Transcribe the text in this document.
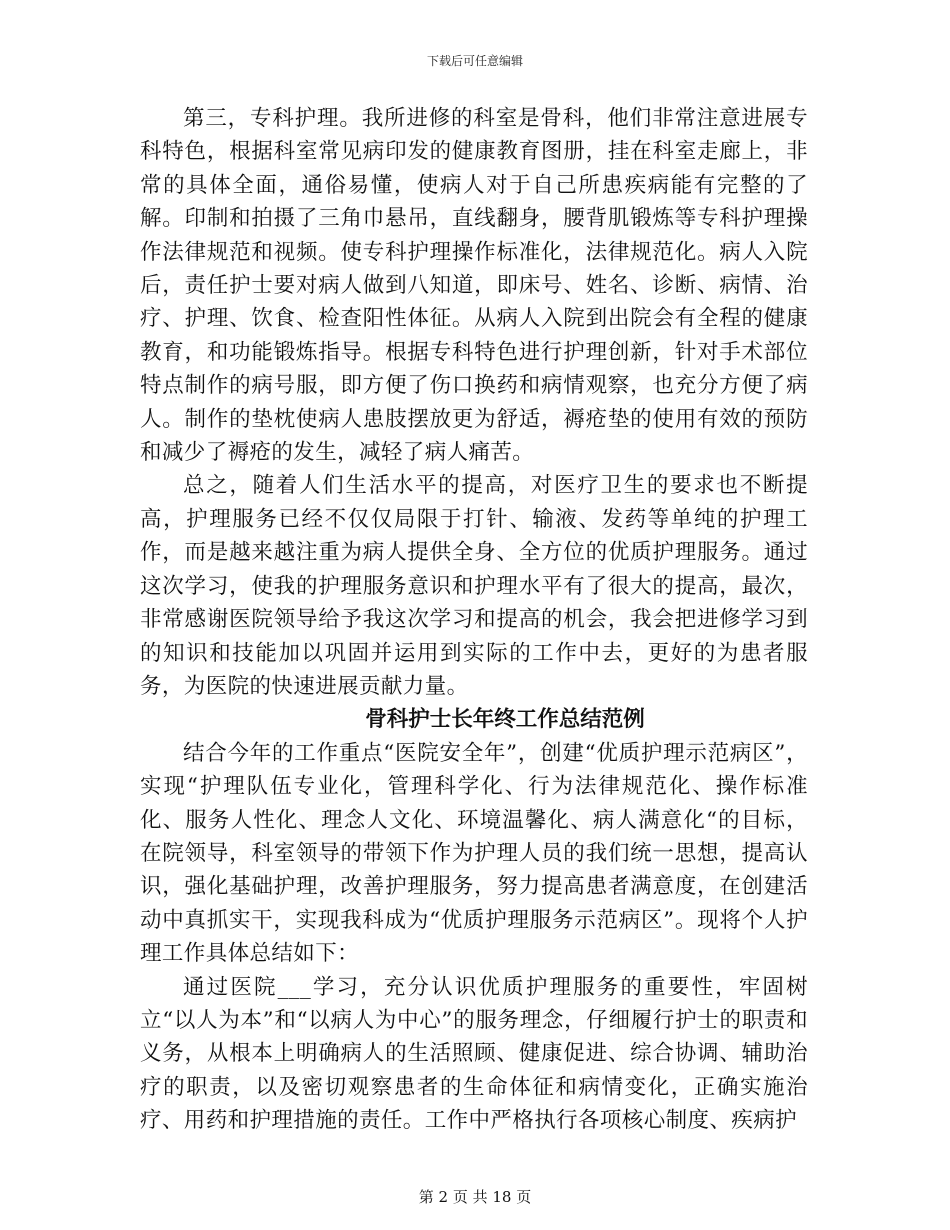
下载后可任意编辑

第三，专科护理。我所进修的科室是骨科，他们非常注意进展专科特色，根据科室常见病印发的健康教育图册，挂在科室走廊上，非常的具体全面，通俗易懂，使病人对于自己所患疾病能有完整的了解。印制和拍摄了三角巾悬吊，直线翻身，腰背肌锻炼等专科护理操作法律规范和视频。使专科护理操作标准化，法律规范化。病人入院后，责任护士要对病人做到八知道，即床号、姓名、诊断、病情、治疗、护理、饮食、检查阳性体征。从病人入院到出院会有全程的健康教育，和功能锻炼指导。根据专科特色进行护理创新，针对手术部位特点制作的病号服，即方便了伤口换药和病情观察，也充分方便了病人。制作的垫枕使病人患肢摆放更为舒适，褥疮垫的使用有效的预防和减少了褥疮的发生，减轻了病人痛苦。

总之，随着人们生活水平的提高，对医疗卫生的要求也不断提高，护理服务已经不仅仅局限于打针、输液、发药等单纯的护理工作，而是越来越注重为病人提供全身、全方位的优质护理服务。通过这次学习，使我的护理服务意识和护理水平有了很大的提高，最次，非常感谢医院领导给予我这次学习和提高的机会，我会把进修学习到的知识和技能加以巩固并运用到实际的工作中去，更好的为患者服务，为医院的快速进展贡献力量。

骨科护士长年终工作总结范例

结合今年的工作重点“医院安全年”，创建“优质护理示范病区”，实现“护理队伍专业化，管理科学化、行为法律规范化、操作标准化、服务人性化、理念人文化、环境温馨化、病人满意化“的目标，在院领导，科室领导的带领下作为护理人员的我们统一思想，提高认识，强化基础护理，改善护理服务，努力提高患者满意度，在创建活动中真抓实干，实现我科成为“优质护理服务示范病区”。现将个人护理工作具体总结如下：

通过医院___学习，充分认识优质护理服务的重要性，牢固树立“以人为本”和“以病人为中心”的服务理念，仔细履行护士的职责和义务，从根本上明确病人的生活照顾、健康促进、综合协调、辅助治疗的职责，以及密切观察患者的生命体征和病情变化，正确实施治疗、用药和护理措施的责任。工作中严格执行各项核心制度、疾病护

第 2 页 共 18 页
